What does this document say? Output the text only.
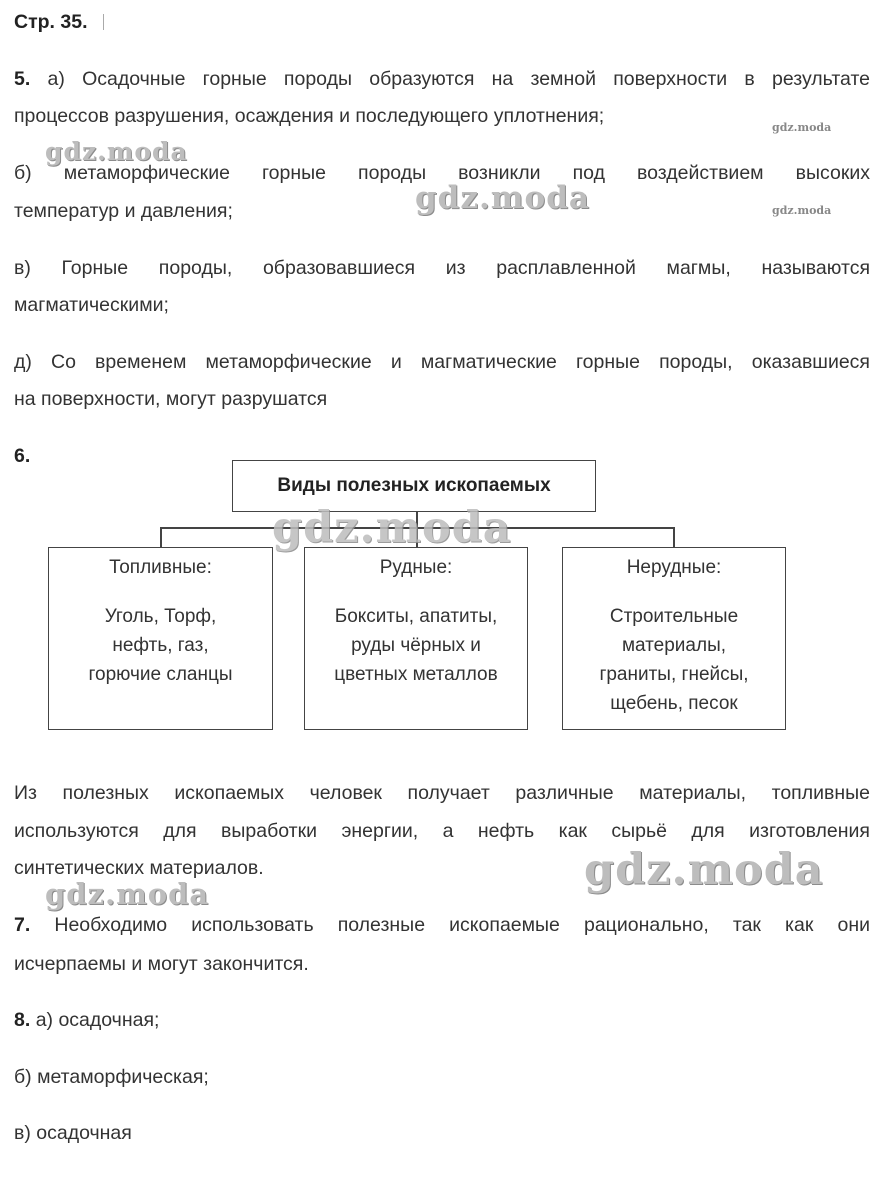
Стр. 35.
5. а) Осадочные горные породы образуются на земной поверхности в результате
процессов разрушения, осаждения и последующего уплотнения;
б) метаморфические горные породы возникли под воздействием высоких
температур и давления;
в) Горные породы, образовавшиеся из расплавленной магмы, называются
магматическими;
д) Со временем метаморфические и магматические горные породы, оказавшиеся
на поверхности, могут разрушатся
6.
Виды полезных ископаемых
Топливные:
Уголь, Торф,
нефть, газ,
горючие сланцы
Рудные:
Бокситы, апатиты,
руды чёрных и
цветных металлов
Нерудные:
Строительные
материалы,
граниты, гнейсы,
щебень, песок
Из полезных ископаемых человек получает различные материалы, топливные
используются для выработки энергии, а нефть как сырьё для изготовления
синтетических материалов.
7. Необходимо использовать полезные ископаемые рационально, так как они
исчерпаемы и могут закончится.
8. а) осадочная;
б) метаморфическая;
в) осадочная
gdz.moda
gdz.moda
gdz.moda
gdz.moda
gdz.moda
gdz.moda
gdz.moda
